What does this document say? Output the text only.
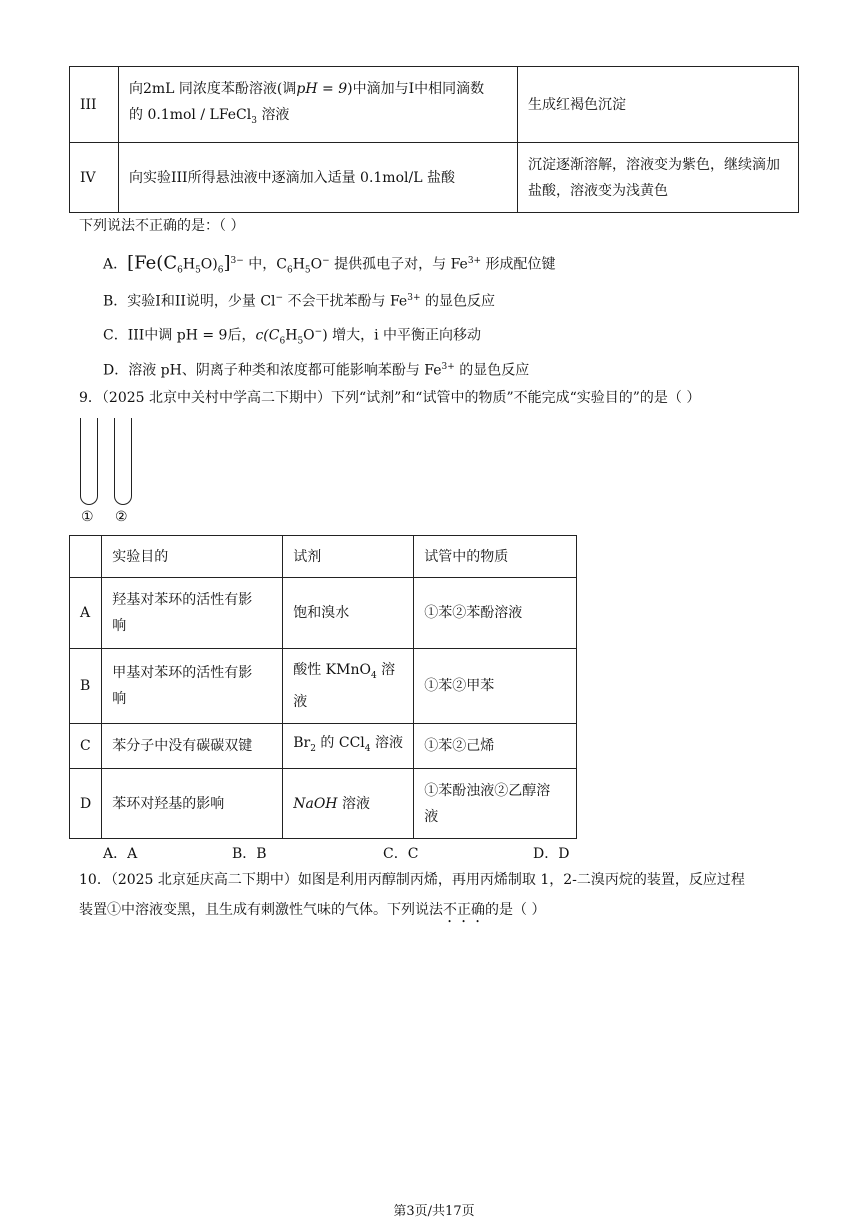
III	向2mL 同浓度苯酚溶液(调pH = 9)中滴加与I中相同滴数
的 0.1mol / LFeCl$_3$ 溶液	生成红褐色沉淀
IV	向实验III所得悬浊液中逐滴加入适量 0.1mol/L 盐酸	沉淀逐渐溶解，溶液变为紫色，继续滴加
盐酸，溶液变为浅黄色
下列说法不正确的是：（ ）
A．$[Fe(C_6H_5O)_6]^{3-}$ 中，$C_6H_5O^-$ 提供孤电子对，与 $Fe^{3+}$ 形成配位键
B．实验I和II说明，少量 Cl− 不会干扰苯酚与 $Fe^{3+}$ 的显色反应
C．III中调 pH = 9后，$c(C_6H_5O^-)$ 增大，i 中平衡正向移动
D．溶液 pH、阴离子种类和浓度都可能影响苯酚与 $Fe^{3+}$ 的显色反应
9．（2025 北京中关村中学高二下期中）下列“试剂”和“试管中的物质”不能完成“实验目的”的是（ ）
① ②
	实验目的	试剂	试管中的物质
A	羟基对苯环的活性有影
响	饱和溴水	①苯②苯酚溶液
B	甲基对苯环的活性有影
响	酸性 KMnO$_4$ 溶
液	①苯②甲苯
C	苯分子中没有碳碳双键	$Br_2$ 的 CCl$_4$ 溶液	①苯②己烯
D	苯环对羟基的影响	NaOH 溶液	①苯酚浊液②乙醇溶
液
A．A	B．B	C．C	D．D
10．（2025 北京延庆高二下期中）如图是利用丙醇制丙烯，再用丙烯制取 1，2-二溴丙烷的装置，反应过程
装置①中溶液变黑，且生成有刺激性气味的气体。下列说法不正确的是（ ）
第3页/共17页
